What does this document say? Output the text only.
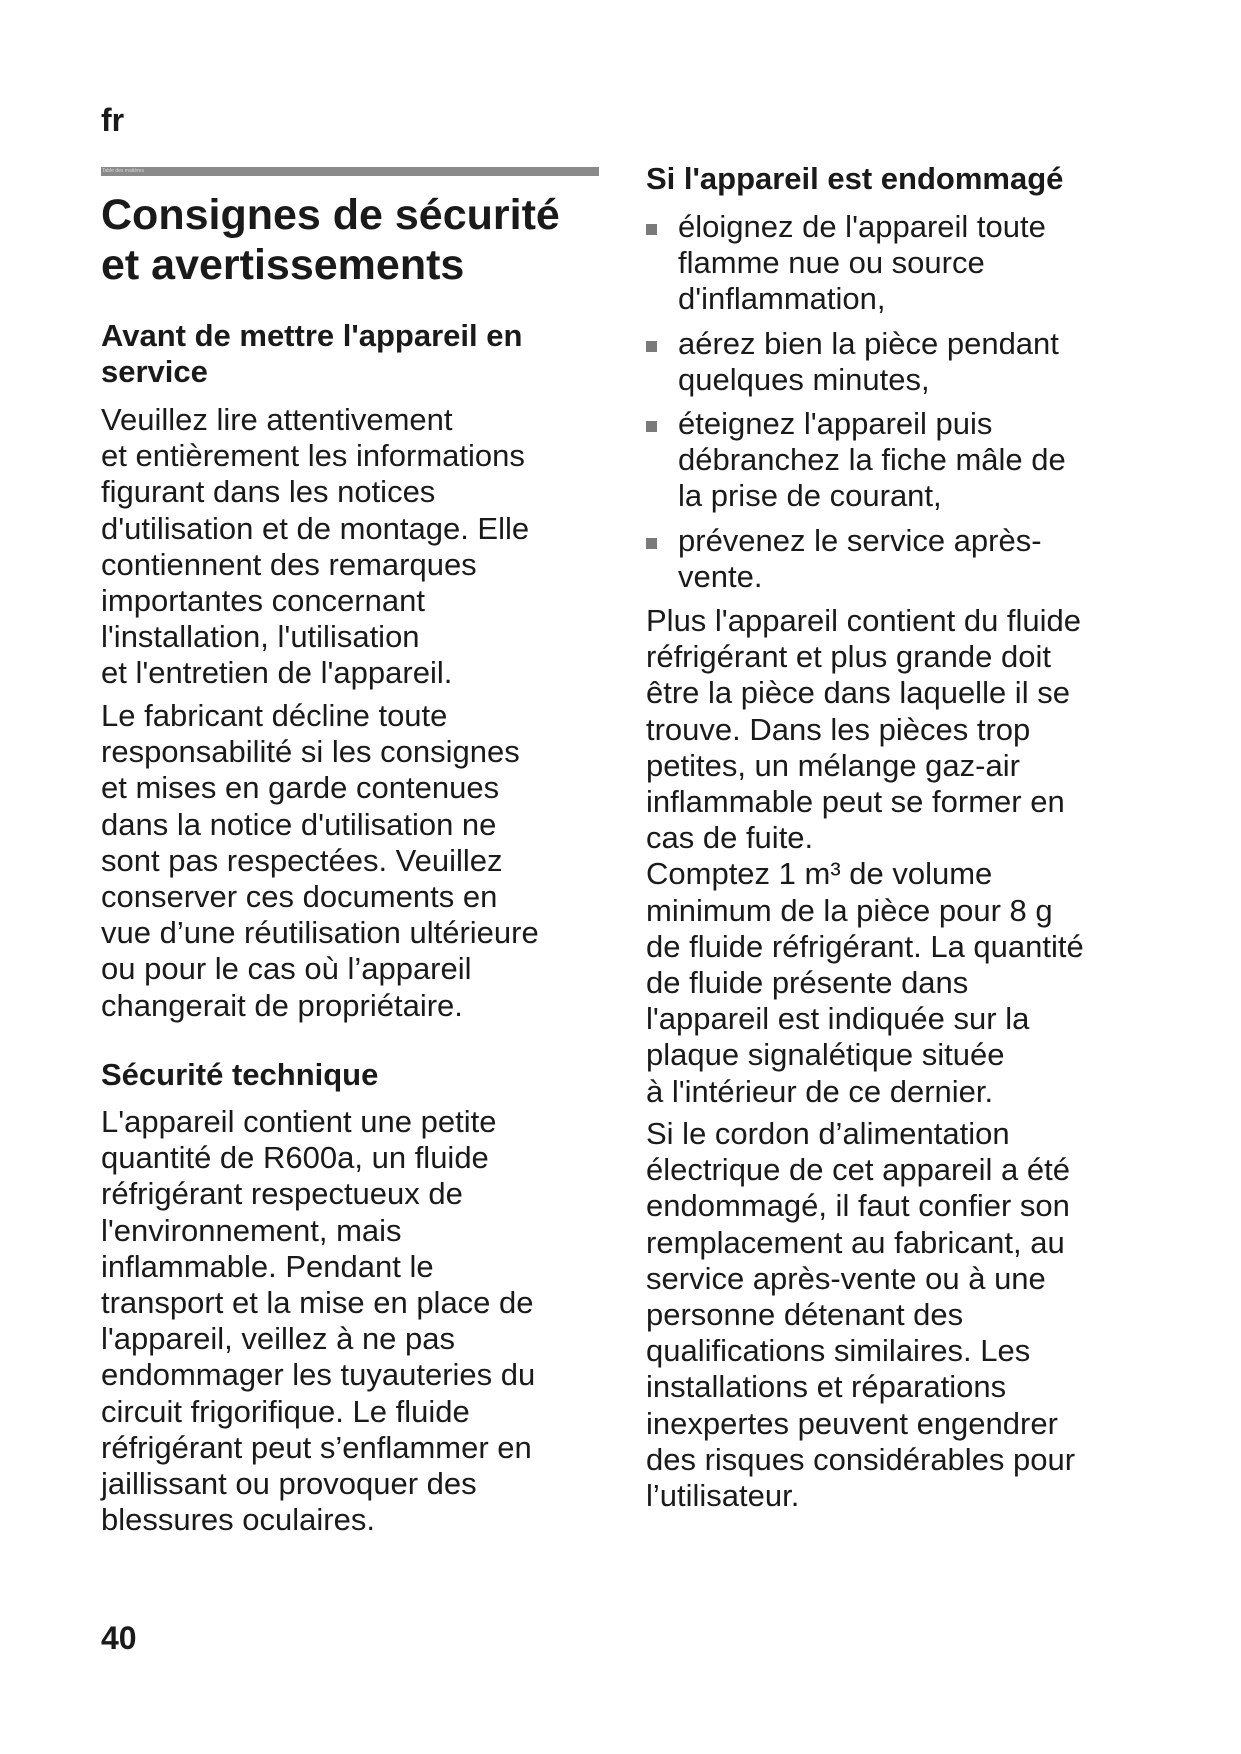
fr
Table des matières
Consignes de sécurité
et avertissements
Avant de mettre l'appareil en
service

Veuillez lire attentivement
et entièrement les informations
figurant dans les notices
d'utilisation et de montage. Elle
contiennent des remarques
importantes concernant
l'installation, l'utilisation
et l'entretien de l'appareil.

Le fabricant décline toute
responsabilité si les consignes
et mises en garde contenues
dans la notice d'utilisation ne
sont pas respectées. Veuillez
conserver ces documents en
vue d’une réutilisation ultérieure
ou pour le cas où l’appareil
changerait de propriétaire.

Sécurité technique

L'appareil contient une petite
quantité de R600a, un fluide
réfrigérant respectueux de
l'environnement, mais
inflammable. Pendant le
transport et la mise en place de
l'appareil, veillez à ne pas
endommager les tuyauteries du
circuit frigorifique. Le fluide
réfrigérant peut s’enflammer en
jaillissant ou provoquer des
blessures oculaires.

Si l'appareil est endommagé
éloignez de l'appareil toute
flamme nue ou source
d'inflammation,
aérez bien la pièce pendant
quelques minutes,
éteignez l'appareil puis
débranchez la fiche mâle de
la prise de courant,
prévenez le service après-
vente.

Plus l'appareil contient du fluide
réfrigérant et plus grande doit
être la pièce dans laquelle il se
trouve. Dans les pièces trop
petites, un mélange gaz-air
inflammable peut se former en
cas de fuite.
Comptez 1 m³ de volume
minimum de la pièce pour 8 g
de fluide réfrigérant. La quantité
de fluide présente dans
l'appareil est indiquée sur la
plaque signalétique située
à l'intérieur de ce dernier.

Si le cordon d’alimentation
électrique de cet appareil a été
endommagé, il faut confier son
remplacement au fabricant, au
service après-vente ou à une
personne détenant des
qualifications similaires. Les
installations et réparations
inexpertes peuvent engendrer
des risques considérables pour
l’utilisateur.

40
